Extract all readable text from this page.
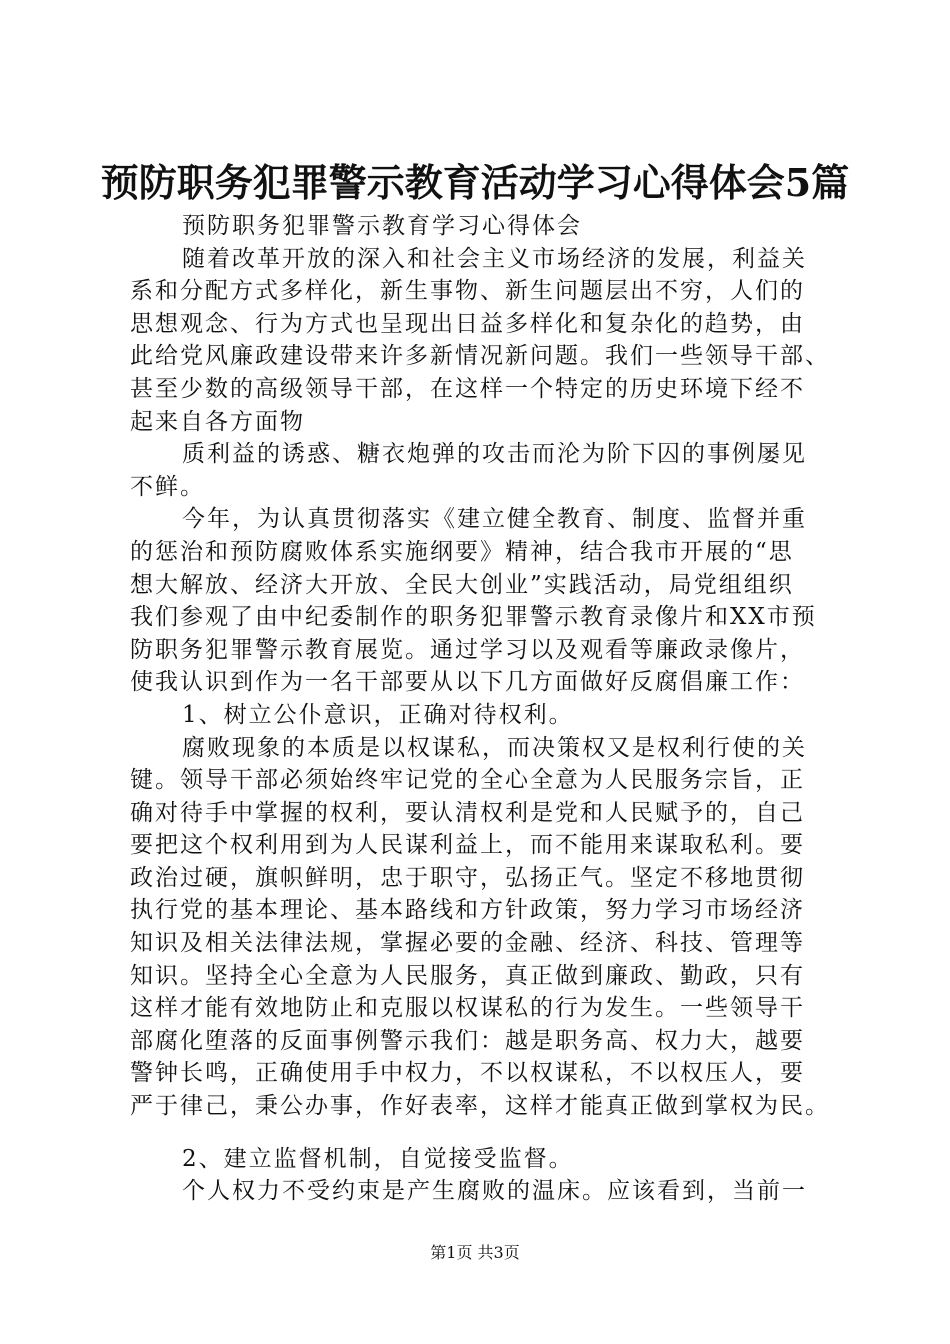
预防职务犯罪警示教育活动学习心得体会5篇
预防职务犯罪警示教育学习心得体会
随着改革开放的深入和社会主义市场经济的发展，利益关
系和分配方式多样化，新生事物、新生问题层出不穷，人们的
思想观念、行为方式也呈现出日益多样化和复杂化的趋势，由
此给党风廉政建设带来许多新情况新问题。我们一些领导干部、
甚至少数的高级领导干部，在这样一个特定的历史环境下经不
起来自各方面物
质利益的诱惑、糖衣炮弹的攻击而沦为阶下囚的事例屡见
不鲜。
今年，为认真贯彻落实《建立健全教育、制度、监督并重
的惩治和预防腐败体系实施纲要》精神，结合我市开展的“思
想大解放、经济大开放、全民大创业”实践活动，局党组组织
我们参观了由中纪委制作的职务犯罪警示教育录像片和XX市预
防职务犯罪警示教育展览。通过学习以及观看等廉政录像片，
使我认识到作为一名干部要从以下几方面做好反腐倡廉工作：
1、树立公仆意识，正确对待权利。
腐败现象的本质是以权谋私，而决策权又是权利行使的关
键。领导干部必须始终牢记党的全心全意为人民服务宗旨，正
确对待手中掌握的权利，要认清权利是党和人民赋予的，自己
要把这个权利用到为人民谋利益上，而不能用来谋取私利。要
政治过硬，旗帜鲜明，忠于职守，弘扬正气。坚定不移地贯彻
执行党的基本理论、基本路线和方针政策，努力学习市场经济
知识及相关法律法规，掌握必要的金融、经济、科技、管理等
知识。坚持全心全意为人民服务，真正做到廉政、勤政，只有
这样才能有效地防止和克服以权谋私的行为发生。一些领导干
部腐化堕落的反面事例警示我们：越是职务高、权力大，越要
警钟长鸣，正确使用手中权力，不以权谋私，不以权压人，要
严于律己，秉公办事，作好表率，这样才能真正做到掌权为民。
2、建立监督机制，自觉接受监督。
个人权力不受约束是产生腐败的温床。应该看到，当前一
第1页 共3页
